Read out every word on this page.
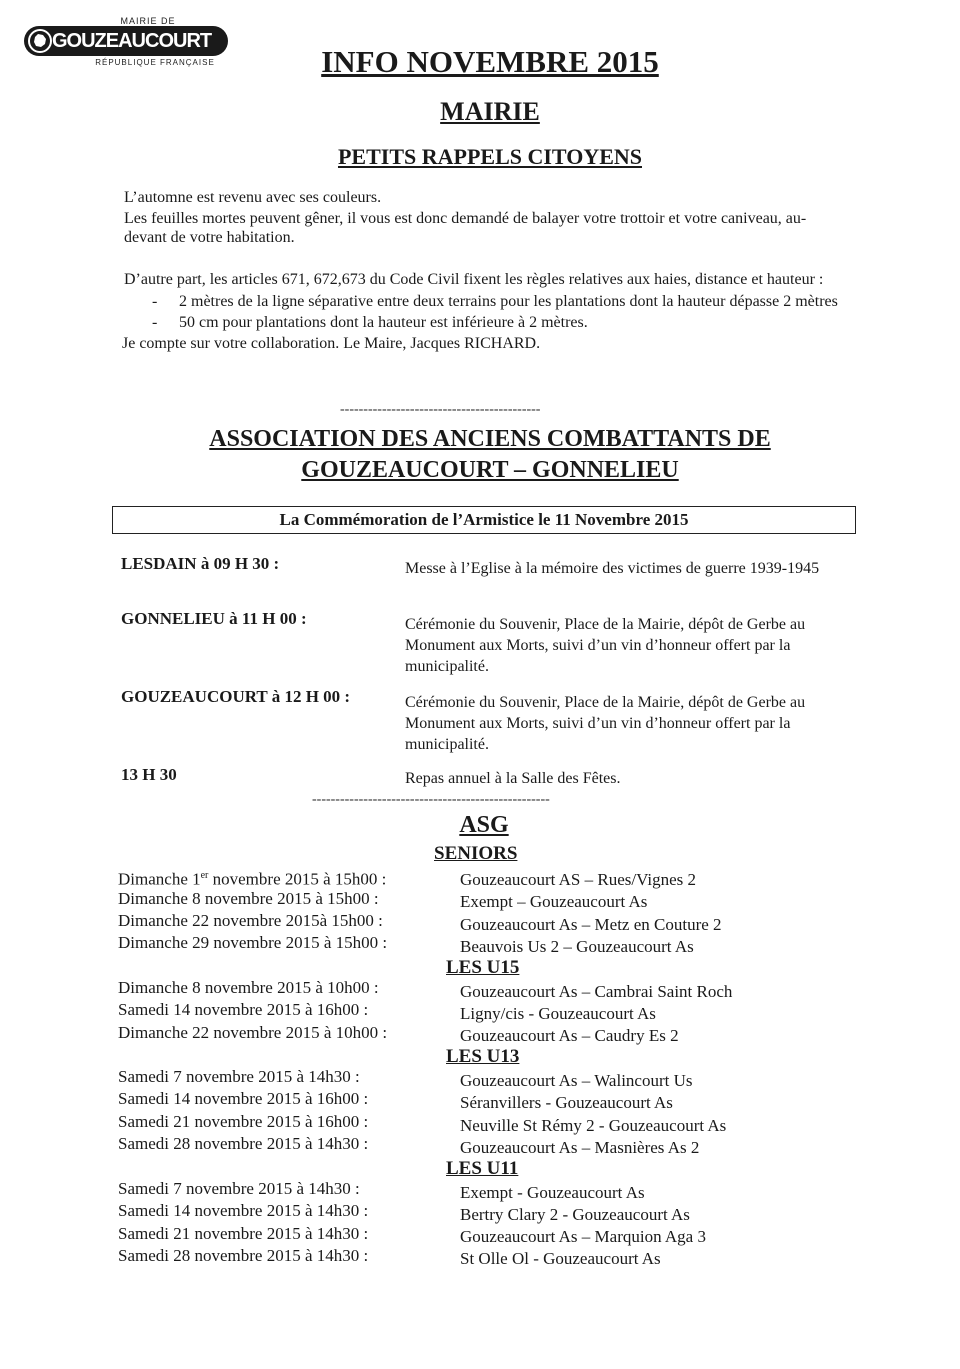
MAIRIE DE
GOUZEAUCOURT
RÉPUBLIQUE FRANÇAISE	INFO NOVEMBRE 2015
MAIRIE
PETITS RAPPELS CITOYENS
L’automne est revenu avec ses couleurs.
Les feuilles mortes peuvent gêner, il vous est donc demandé de balayer votre trottoir et votre caniveau, au-devant de votre habitation.
D’autre part, les articles 671, 672,673 du Code Civil fixent les règles relatives aux haies, distance et hauteur :
- 2 mètres de la ligne séparative entre deux terrains pour les plantations dont la hauteur dépasse 2 mètres
- 50 cm pour plantations dont la hauteur est inférieure à 2 mètres.
Je compte sur votre collaboration. Le Maire, Jacques RICHARD.
-------------------------------------------
ASSOCIATION DES ANCIENS COMBATTANTS DE
GOUZEAUCOURT – GONNELIEU
La Commémoration de l’Armistice le 11 Novembre 2015
LESDAIN à 09 H 30 :	Messe à l’Eglise à la mémoire des victimes de guerre 1939-1945
GONNELIEU à 11 H 00 :	Cérémonie du Souvenir, Place de la Mairie, dépôt de Gerbe au Monument aux Morts, suivi d’un vin d’honneur offert par la municipalité.
GOUZEAUCOURT à 12 H 00 :	Cérémonie du Souvenir, Place de la Mairie, dépôt de Gerbe au Monument aux Morts, suivi d’un vin d’honneur offert par la municipalité.
13 H 30	Repas annuel à la Salle des Fêtes.
---------------------------------------------------
ASG
SENIORS
Dimanche 1er novembre 2015 à 15h00 :	Gouzeaucourt AS – Rues/Vignes 2
Dimanche 8 novembre 2015 à 15h00 :	Exempt – Gouzeaucourt As
Dimanche 22 novembre 2015à 15h00 :	Gouzeaucourt As – Metz en Couture 2
Dimanche 29 novembre 2015 à 15h00 :	Beauvois Us 2 – Gouzeaucourt As
LES U15
Dimanche 8 novembre 2015 à 10h00 :	Gouzeaucourt As – Cambrai Saint Roch
Samedi 14 novembre 2015 à 16h00 :	Ligny/cis - Gouzeaucourt As
Dimanche 22 novembre 2015 à 10h00 :	Gouzeaucourt As – Caudry Es 2
LES U13
Samedi 7 novembre 2015 à 14h30 :	Gouzeaucourt As – Walincourt Us
Samedi 14 novembre 2015 à 16h00 :	Séranvillers - Gouzeaucourt As
Samedi 21 novembre 2015 à 16h00 :	Neuville St Rémy 2 - Gouzeaucourt As
Samedi 28 novembre 2015 à 14h30 :	Gouzeaucourt As – Masnières As 2
LES U11
Samedi 7 novembre 2015 à 14h30 :	Exempt - Gouzeaucourt As
Samedi 14 novembre 2015 à 14h30 :	Bertry Clary 2 - Gouzeaucourt As
Samedi 21 novembre 2015 à 14h30 :	Gouzeaucourt As – Marquion Aga 3
Samedi 28 novembre 2015 à 14h30 :	St Olle Ol - Gouzeaucourt As
